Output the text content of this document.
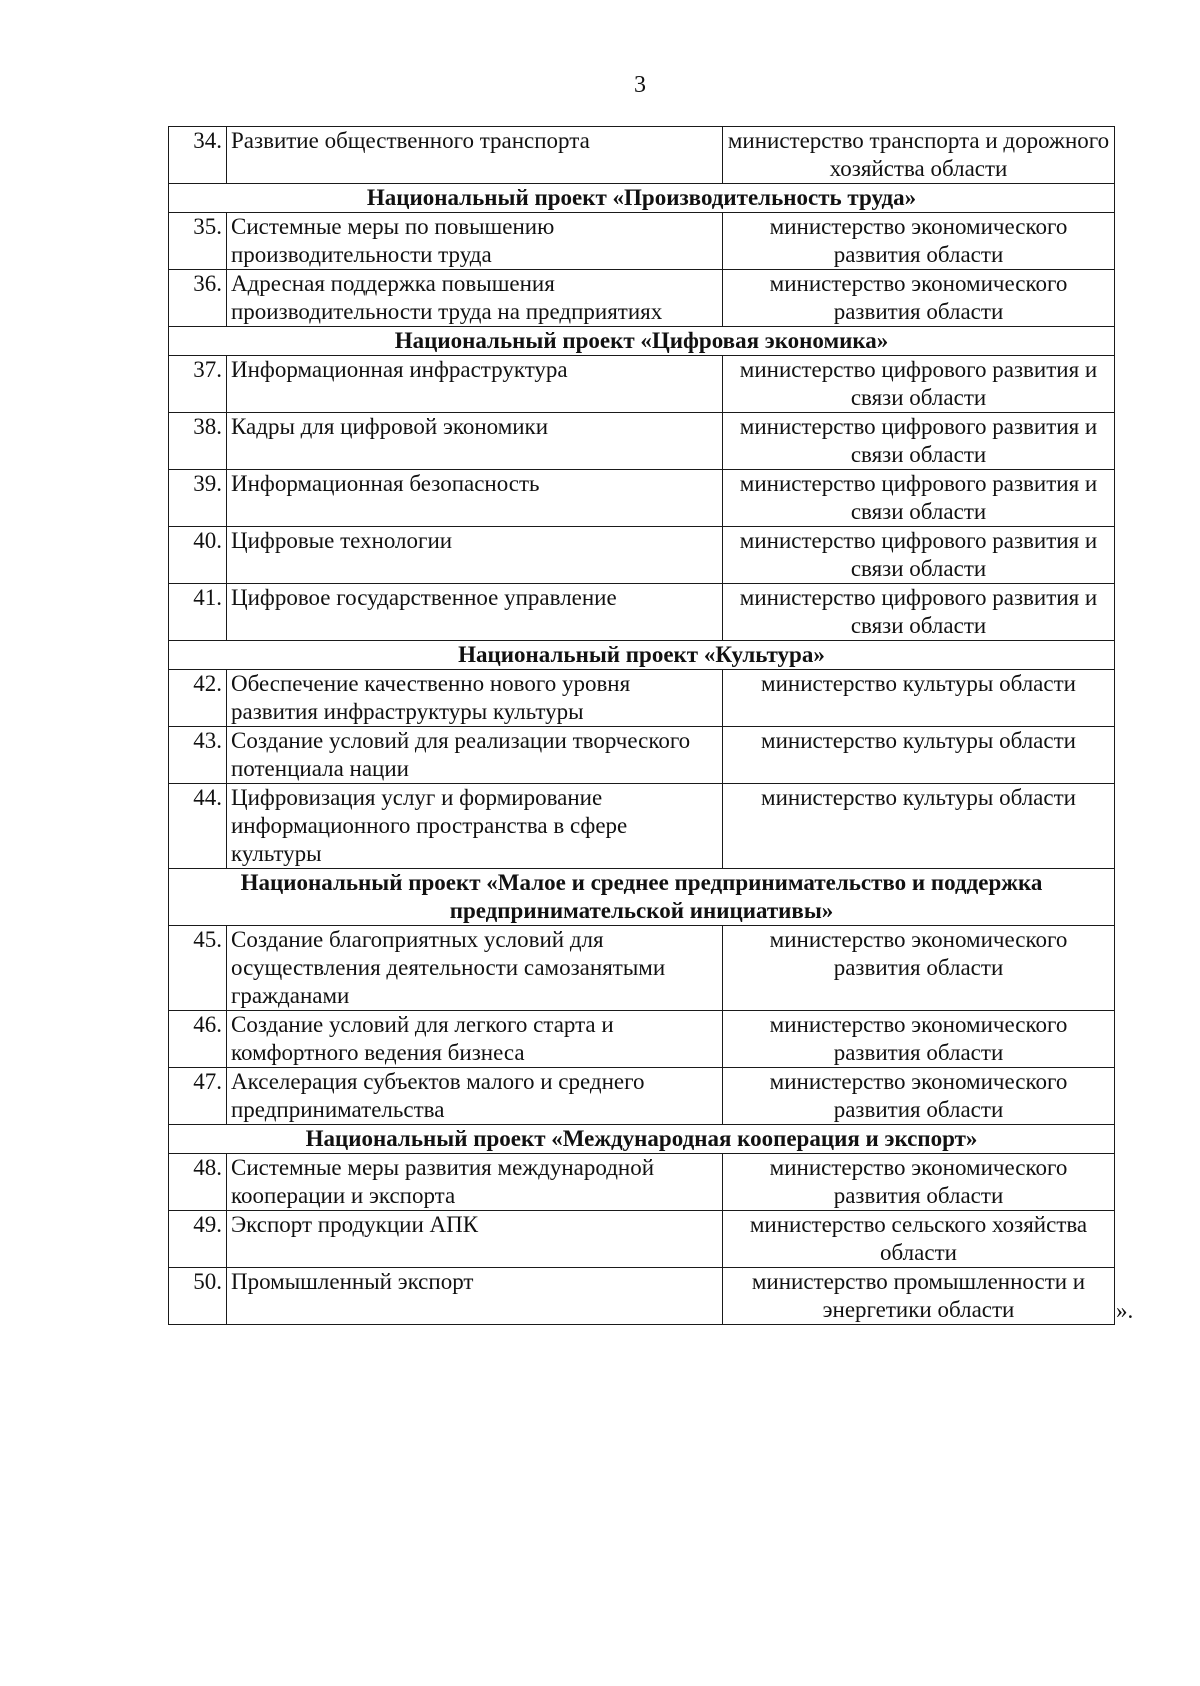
3
34.	Развитие общественного транспорта	министерство транспорта и дорожного хозяйства области
Национальный проект «Производительность труда»		
35.	Системные меры по повышению производительности труда	министерство экономического развития области
36.	Адресная поддержка повышения производительности труда на предприятиях	министерство экономического развития области
Национальный проект «Цифровая экономика»		
37.	Информационная инфраструктура	министерство цифрового развития и связи области
38.	Кадры для цифровой экономики	министерство цифрового развития и связи области
39.	Информационная безопасность	министерство цифрового развития и связи области
40.	Цифровые технологии	министерство цифрового развития и связи области
41.	Цифровое государственное управление	министерство цифрового развития и связи области
Национальный проект «Культура»		
42.	Обеспечение качественно нового уровня развития инфраструктуры культуры	министерство культуры области
43.	Создание условий для реализации творческого потенциала нации	министерство культуры области
44.	Цифровизация услуг и формирование информационного пространства в сфере культуры	министерство культуры области
Национальный проект «Малое и среднее предпринимательство и поддержка предпринимательской инициативы»		
45.	Создание благоприятных условий для осуществления деятельности самозанятыми гражданами	министерство экономического развития области
46.	Создание условий для легкого старта и комфортного ведения бизнеса	министерство экономического развития области
47.	Акселерация субъектов малого и среднего предпринимательства	министерство экономического развития области
Национальный проект «Международная кооперация и экспорт»		
48.	Системные меры развития международной кооперации и экспорта	министерство экономического развития области
49.	Экспорт продукции АПК	министерство сельского хозяйства области
50.	Промышленный экспорт	министерство промышленности и энергетики области	».
